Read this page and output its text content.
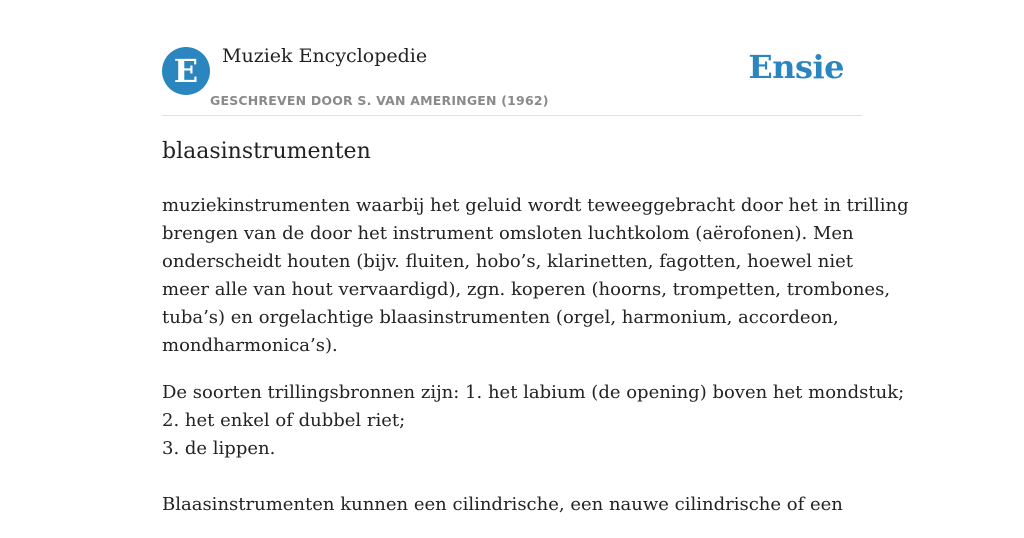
E	Muziek Encyclopedie
GESCHREVEN DOOR S. VAN AMERINGEN (1962)
Ensie
blaasinstrumenten

muziekinstrumenten waarbij het geluid wordt teweeggebracht door het in trilling
brengen van de door het instrument omsloten luchtkolom (aërofonen). Men
onderscheidt houten (bijv. fluiten, hobo’s, klarinetten, fagotten, hoewel niet
meer alle van hout vervaardigd), zgn. koperen (hoorns, trompetten, trombones,
tuba’s) en orgelachtige blaasinstrumenten (orgel, harmonium, accordeon,
mondharmonica’s).

De soorten trillingsbronnen zijn: 1. het labium (de opening) boven het mondstuk;
2. het enkel of dubbel riet;
3. de lippen.
Blaasinstrumenten kunnen een cilindrische, een nauwe cilindrische of een
